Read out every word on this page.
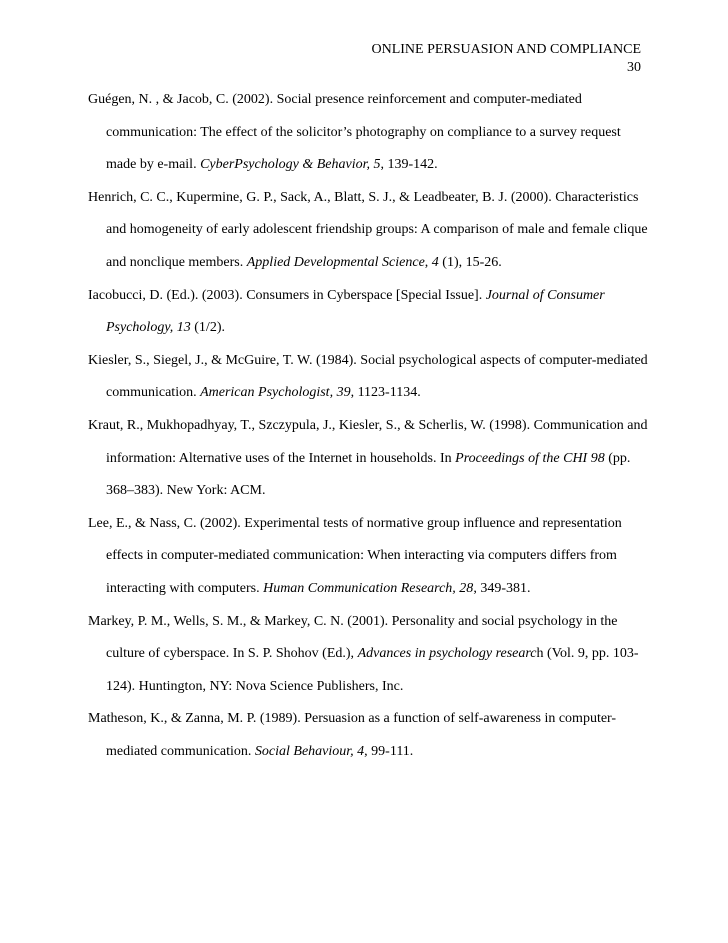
ONLINE PERSUASION AND COMPLIANCE
30

Guégen, N. , & Jacob, C. (2002). Social presence reinforcement and computer-mediated communication: The effect of the solicitor’s photography on compliance to a survey request made by e-mail. CyberPsychology & Behavior, 5, 139-142.

Henrich, C. C., Kupermine, G. P., Sack, A., Blatt, S. J., & Leadbeater, B. J. (2000). Characteristics and homogeneity of early adolescent friendship groups: A comparison of male and female clique and nonclique members. Applied Developmental Science, 4 (1), 15-26.

Iacobucci, D. (Ed.). (2003). Consumers in Cyberspace [Special Issue]. Journal of Consumer Psychology, 13 (1/2).

Kiesler, S., Siegel, J., & McGuire, T. W. (1984). Social psychological aspects of computer-mediated communication. American Psychologist, 39, 1123-1134.

Kraut, R., Mukhopadhyay, T., Szczypula, J., Kiesler, S., & Scherlis, W. (1998). Communication and information: Alternative uses of the Internet in households. In Proceedings of the CHI 98 (pp. 368–383). New York: ACM.

Lee, E., & Nass, C. (2002). Experimental tests of normative group influence and representation effects in computer-mediated communication: When interacting via computers differs from interacting with computers. Human Communication Research, 28, 349-381.

Markey, P. M., Wells, S. M., & Markey, C. N. (2001). Personality and social psychology in the culture of cyberspace. In S. P. Shohov (Ed.), Advances in psychology research (Vol. 9, pp. 103-124). Huntington, NY: Nova Science Publishers, Inc.

Matheson, K., & Zanna, M. P. (1989). Persuasion as a function of self-awareness in computer-mediated communication. Social Behaviour, 4, 99-111.
